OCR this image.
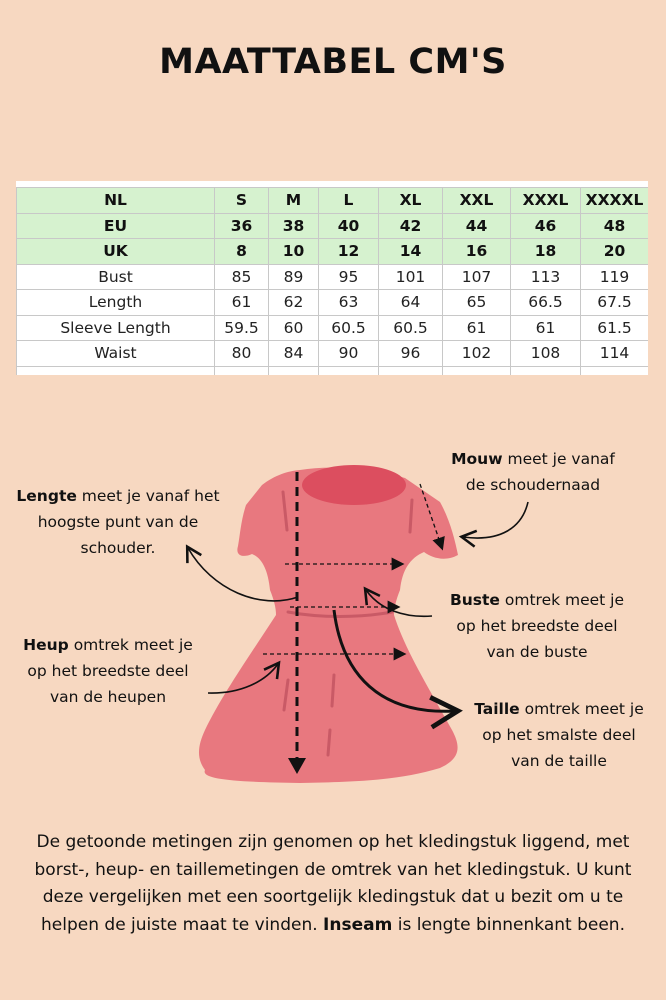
MAATTABEL CM'S
NL	S	M	L	XL	XXL	XXXL	XXXXL
EU	36	38	40	42	44	46	48
UK	8	10	12	14	16	18	20
Bust	85	89	95	101	107	113	119
Length	61	62	63	64	65	66.5	67.5
Sleeve Length	59.5	60	60.5	60.5	61	61	61.5
Waist	80	84	90	96	102	108	114

Lengte meet je vanaf het
hoogste punt van de
schouder.
Mouw meet je vanaf
de schoudernaad
Buste omtrek meet je
op het breedste deel
van de buste
Heup omtrek meet je
op het breedste deel
van de heupen
Taille omtrek meet je
op het smalste deel
van de taille
De getoonde metingen zijn genomen op het kledingstuk liggend, met borst-, heup- en taillemetingen de omtrek van het kledingstuk. U kunt deze vergelijken met een soortgelijk kledingstuk dat u bezit om u te helpen de juiste maat te vinden. Inseam is lengte binnenkant been.
